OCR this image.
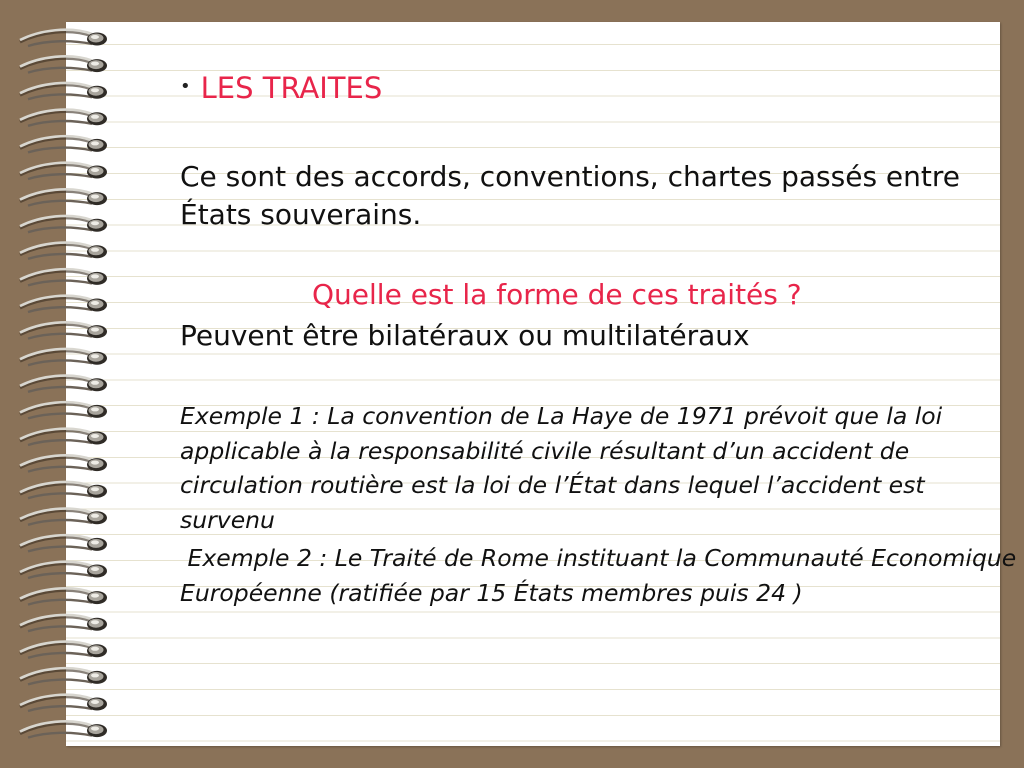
• LES TRAITES
Ce sont des accords, conventions, chartes passés entre États souverains.
Quelle est la forme de ces traités ?
Peuvent être bilatéraux ou multilatéraux
Exemple 1 : La convention de La Haye de 1971 prévoit que la loi applicable à la responsabilité civile résultant d’un accident de circulation routière est la loi de l’État dans lequel l’accident est survenu
Exemple 2 : Le Traité de Rome instituant la Communauté Economique Européenne (ratifiée par 15 États membres puis 24 )
